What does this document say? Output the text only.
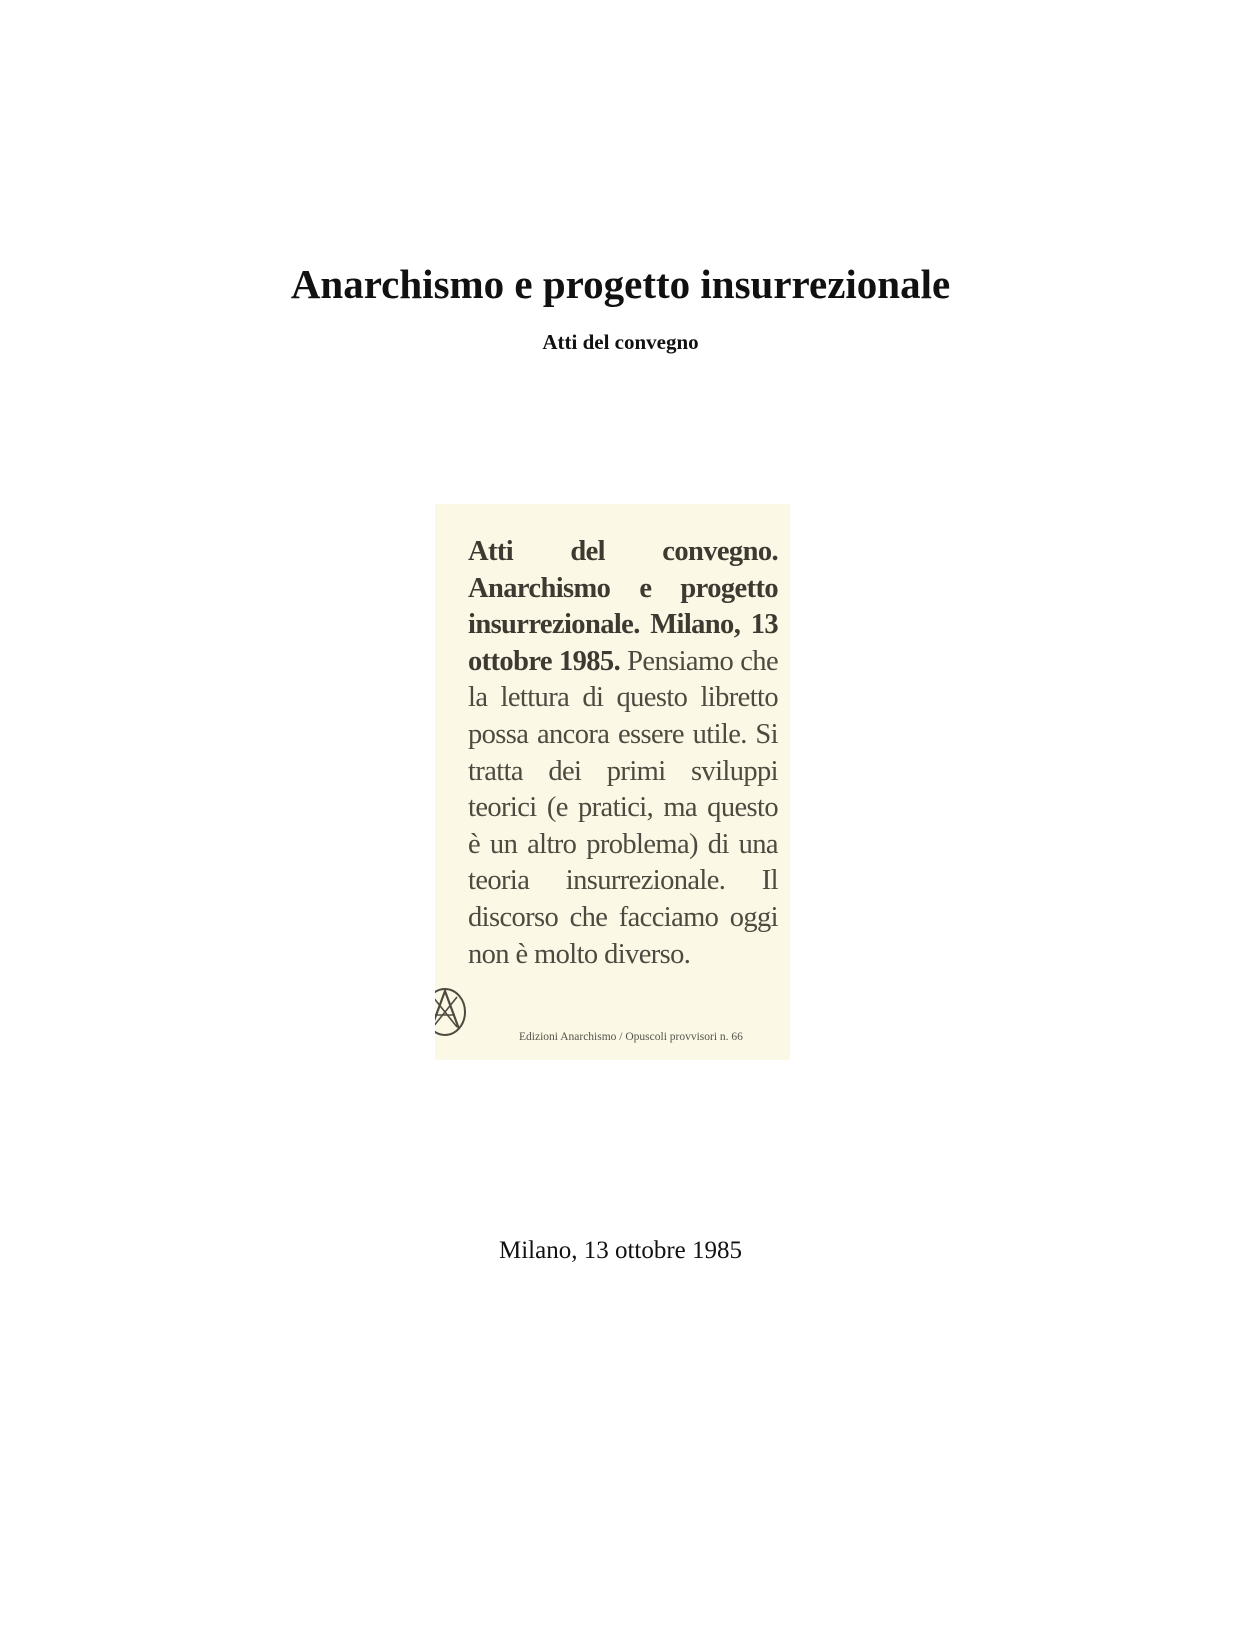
Anarchismo e progetto insurrezionale
Atti del convegno
Atti del convegno. Anarchismo e progetto insurrezionale. Milano, 13 ottobre 1985. Pensiamo che la lettura di questo libretto possa ancora essere utile. Si tratta dei primi sviluppi teorici (e pratici, ma questo è un altro problema) di una teoria insurrezionale. Il discorso che facciamo oggi non è molto diverso.
Edizioni Anarchismo / Opuscoli provvisori n. 66
Milano, 13 ottobre 1985
